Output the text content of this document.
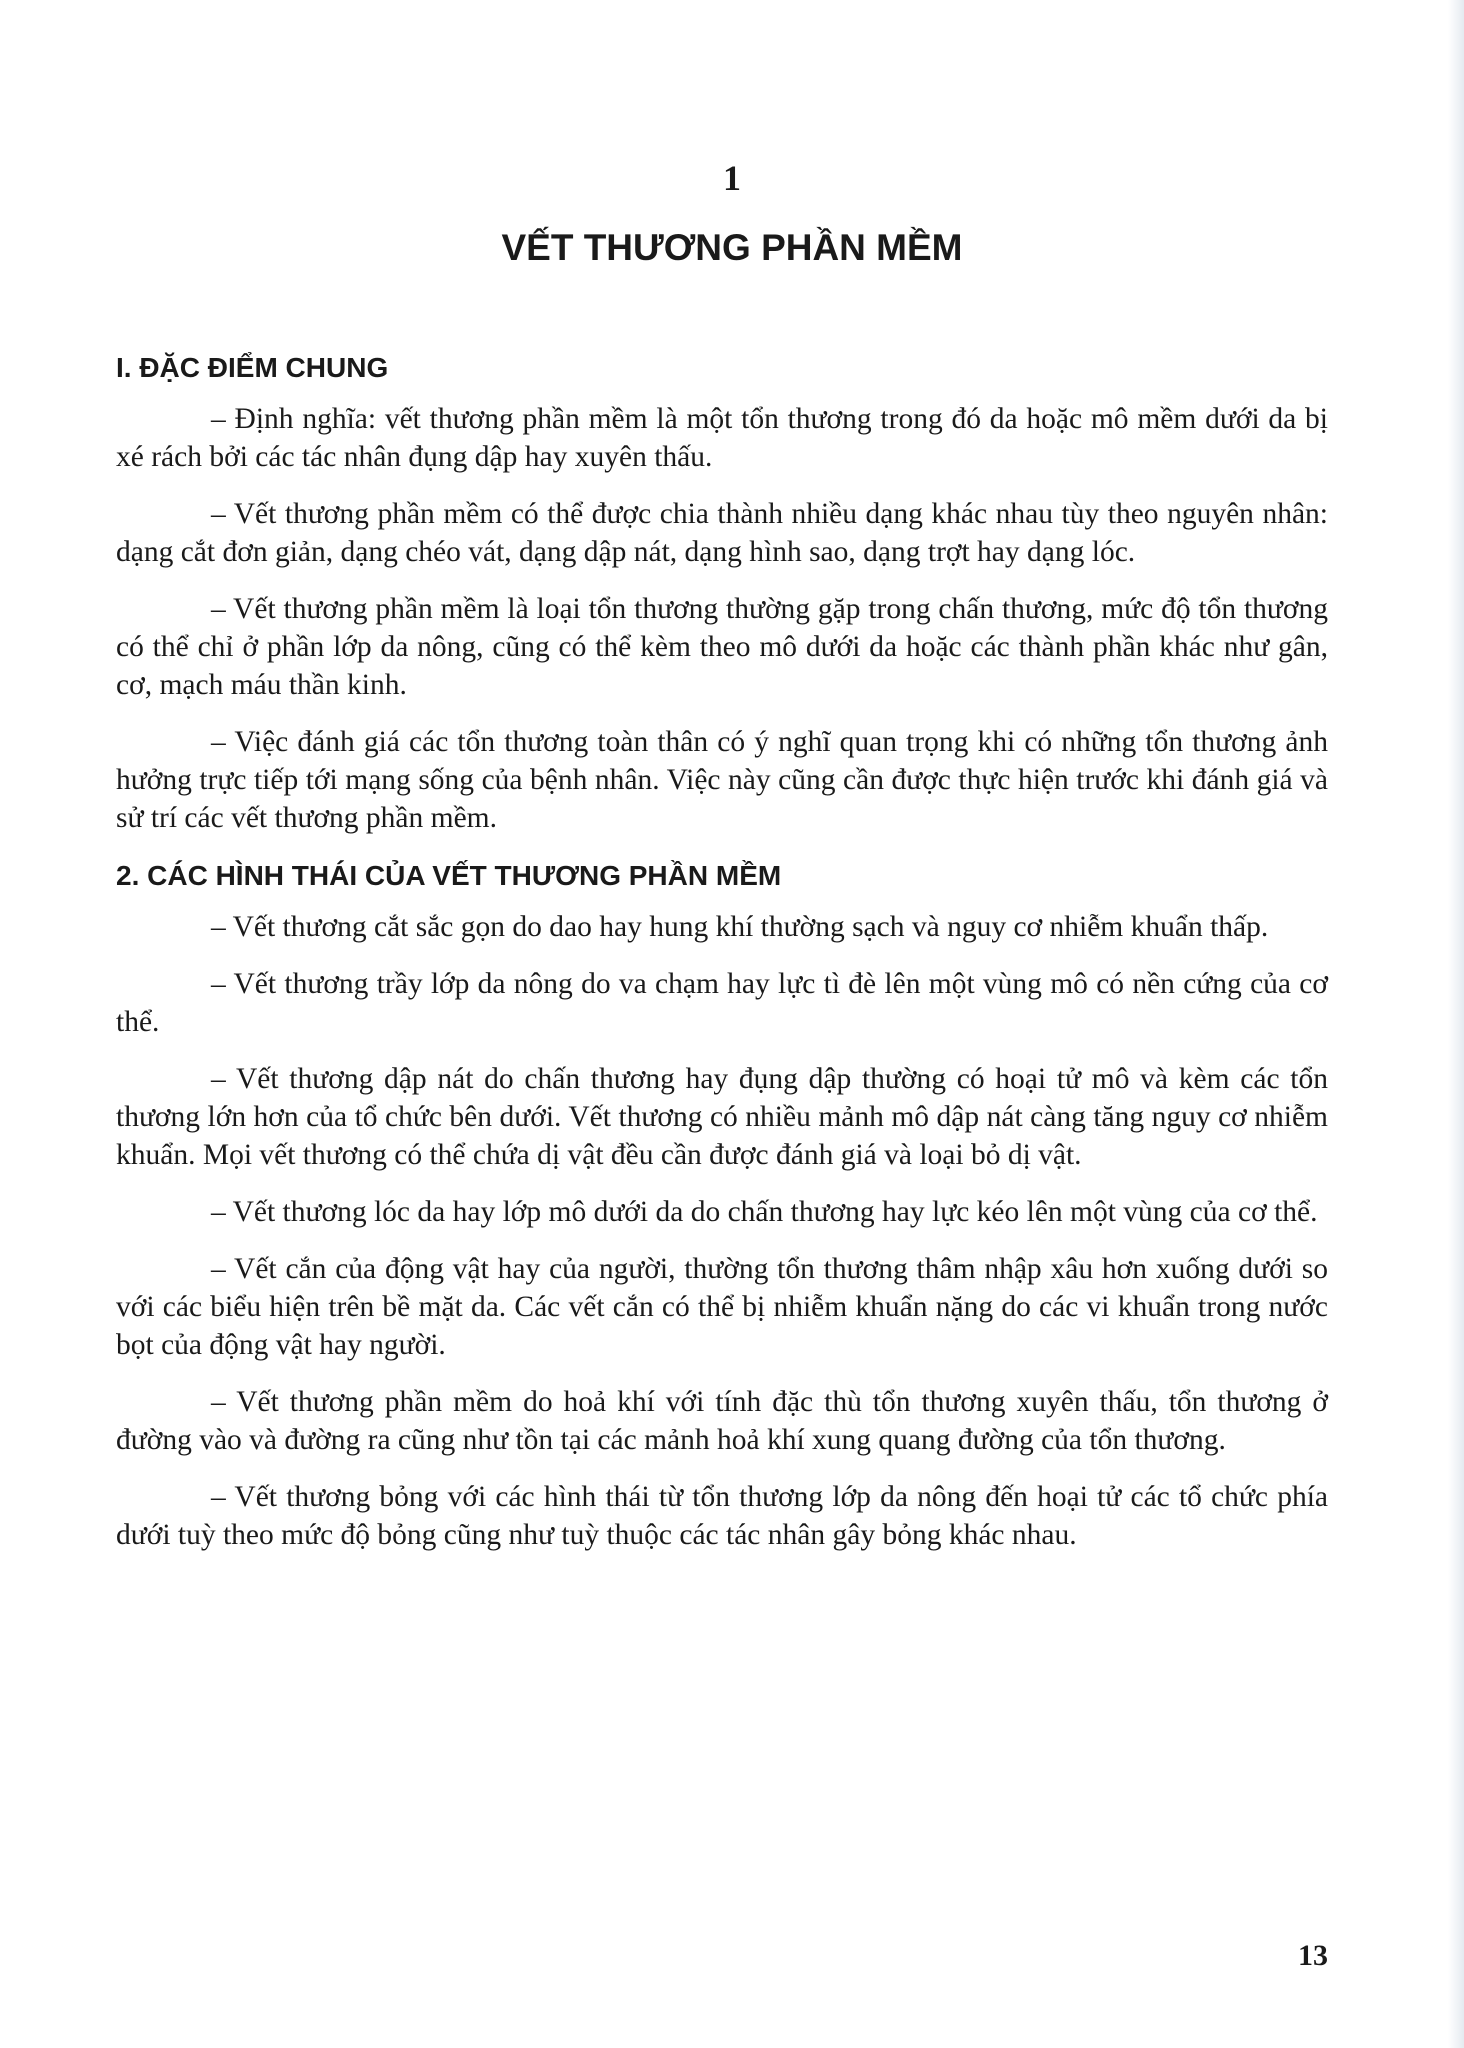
1
VẾT THƯƠNG PHẦN MỀM
I. ĐẶC ĐIỂM CHUNG

– Định nghĩa: vết thương phần mềm là một tổn thương trong đó da hoặc mô mềm dưới da bị xé rách bởi các tác nhân đụng dập hay xuyên thấu.

– Vết thương phần mềm có thể được chia thành nhiều dạng khác nhau tùy theo nguyên nhân: dạng cắt đơn giản, dạng chéo vát, dạng dập nát, dạng hình sao, dạng trợt hay dạng lóc.

– Vết thương phần mềm là loại tổn thương thường gặp trong chấn thương, mức độ tổn thương có thể chỉ ở phần lớp da nông, cũng có thể kèm theo mô dưới da hoặc các thành phần khác như gân, cơ, mạch máu thần kinh.

– Việc đánh giá các tổn thương toàn thân có ý nghĩ quan trọng khi có những tổn thương ảnh hưởng trực tiếp tới mạng sống của bệnh nhân. Việc này cũng cần được thực hiện trước khi đánh giá và sử trí các vết thương phần mềm.

2. CÁC HÌNH THÁI CỦA VẾT THƯƠNG PHẦN MỀM

– Vết thương cắt sắc gọn do dao hay hung khí thường sạch và nguy cơ nhiễm khuẩn thấp.

– Vết thương trầy lớp da nông do va chạm hay lực tì đè lên một vùng mô có nền cứng của cơ thể.

– Vết thương dập nát do chấn thương hay đụng dập thường có hoại tử mô và kèm các tổn thương lớn hơn của tổ chức bên dưới. Vết thương có nhiều mảnh mô dập nát càng tăng nguy cơ nhiễm khuẩn. Mọi vết thương có thể chứa dị vật đều cần được đánh giá và loại bỏ dị vật.

– Vết thương lóc da hay lớp mô dưới da do chấn thương hay lực kéo lên một vùng của cơ thể.

– Vết cắn của động vật hay của người, thường tổn thương thâm nhập xâu hơn xuống dưới so với các biểu hiện trên bề mặt da. Các vết cắn có thể bị nhiễm khuẩn nặng do các vi khuẩn trong nước bọt của động vật hay người.

– Vết thương phần mềm do hoả khí với tính đặc thù tổn thương xuyên thấu, tổn thương ở đường vào và đường ra cũng như tồn tại các mảnh hoả khí xung quang đường của tổn thương.

– Vết thương bỏng với các hình thái từ tổn thương lớp da nông đến hoại tử các tổ chức phía dưới tuỳ theo mức độ bỏng cũng như tuỳ thuộc các tác nhân gây bỏng khác nhau.

13
